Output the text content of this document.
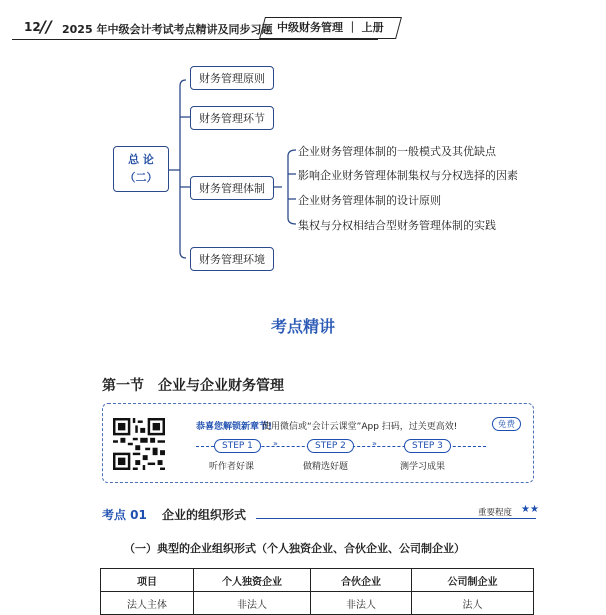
12 // 2025 年中级会计考试考点精讲及同步习题 中级财务管理 ｜ 上册
总 论
（二）
财务管理原则
财务管理环节
财务管理体制
财务管理环境
企业财务管理体制的一般模式及其优缺点
影响企业财务管理体制集权与分权选择的因素
企业财务管理体制的设计原则
集权与分权相结合型财务管理体制的实践
考点精讲
第一节　企业与企业财务管理
恭喜您解锁新章节!
使用微信或“会计云课堂”App 扫码，过关更高效!	免费
STEP 1	»	STEP 2	»	STEP 3
听作者好课	做精选好题	测学习成果
考点 01 企业的组织形式	重要程度 ★★
（一）典型的企业组织形式（个人独资企业、合伙企业、公司制企业）
项目	个人独资企业	合伙企业	公司制企业
法人主体	非法人	非法人	法人
